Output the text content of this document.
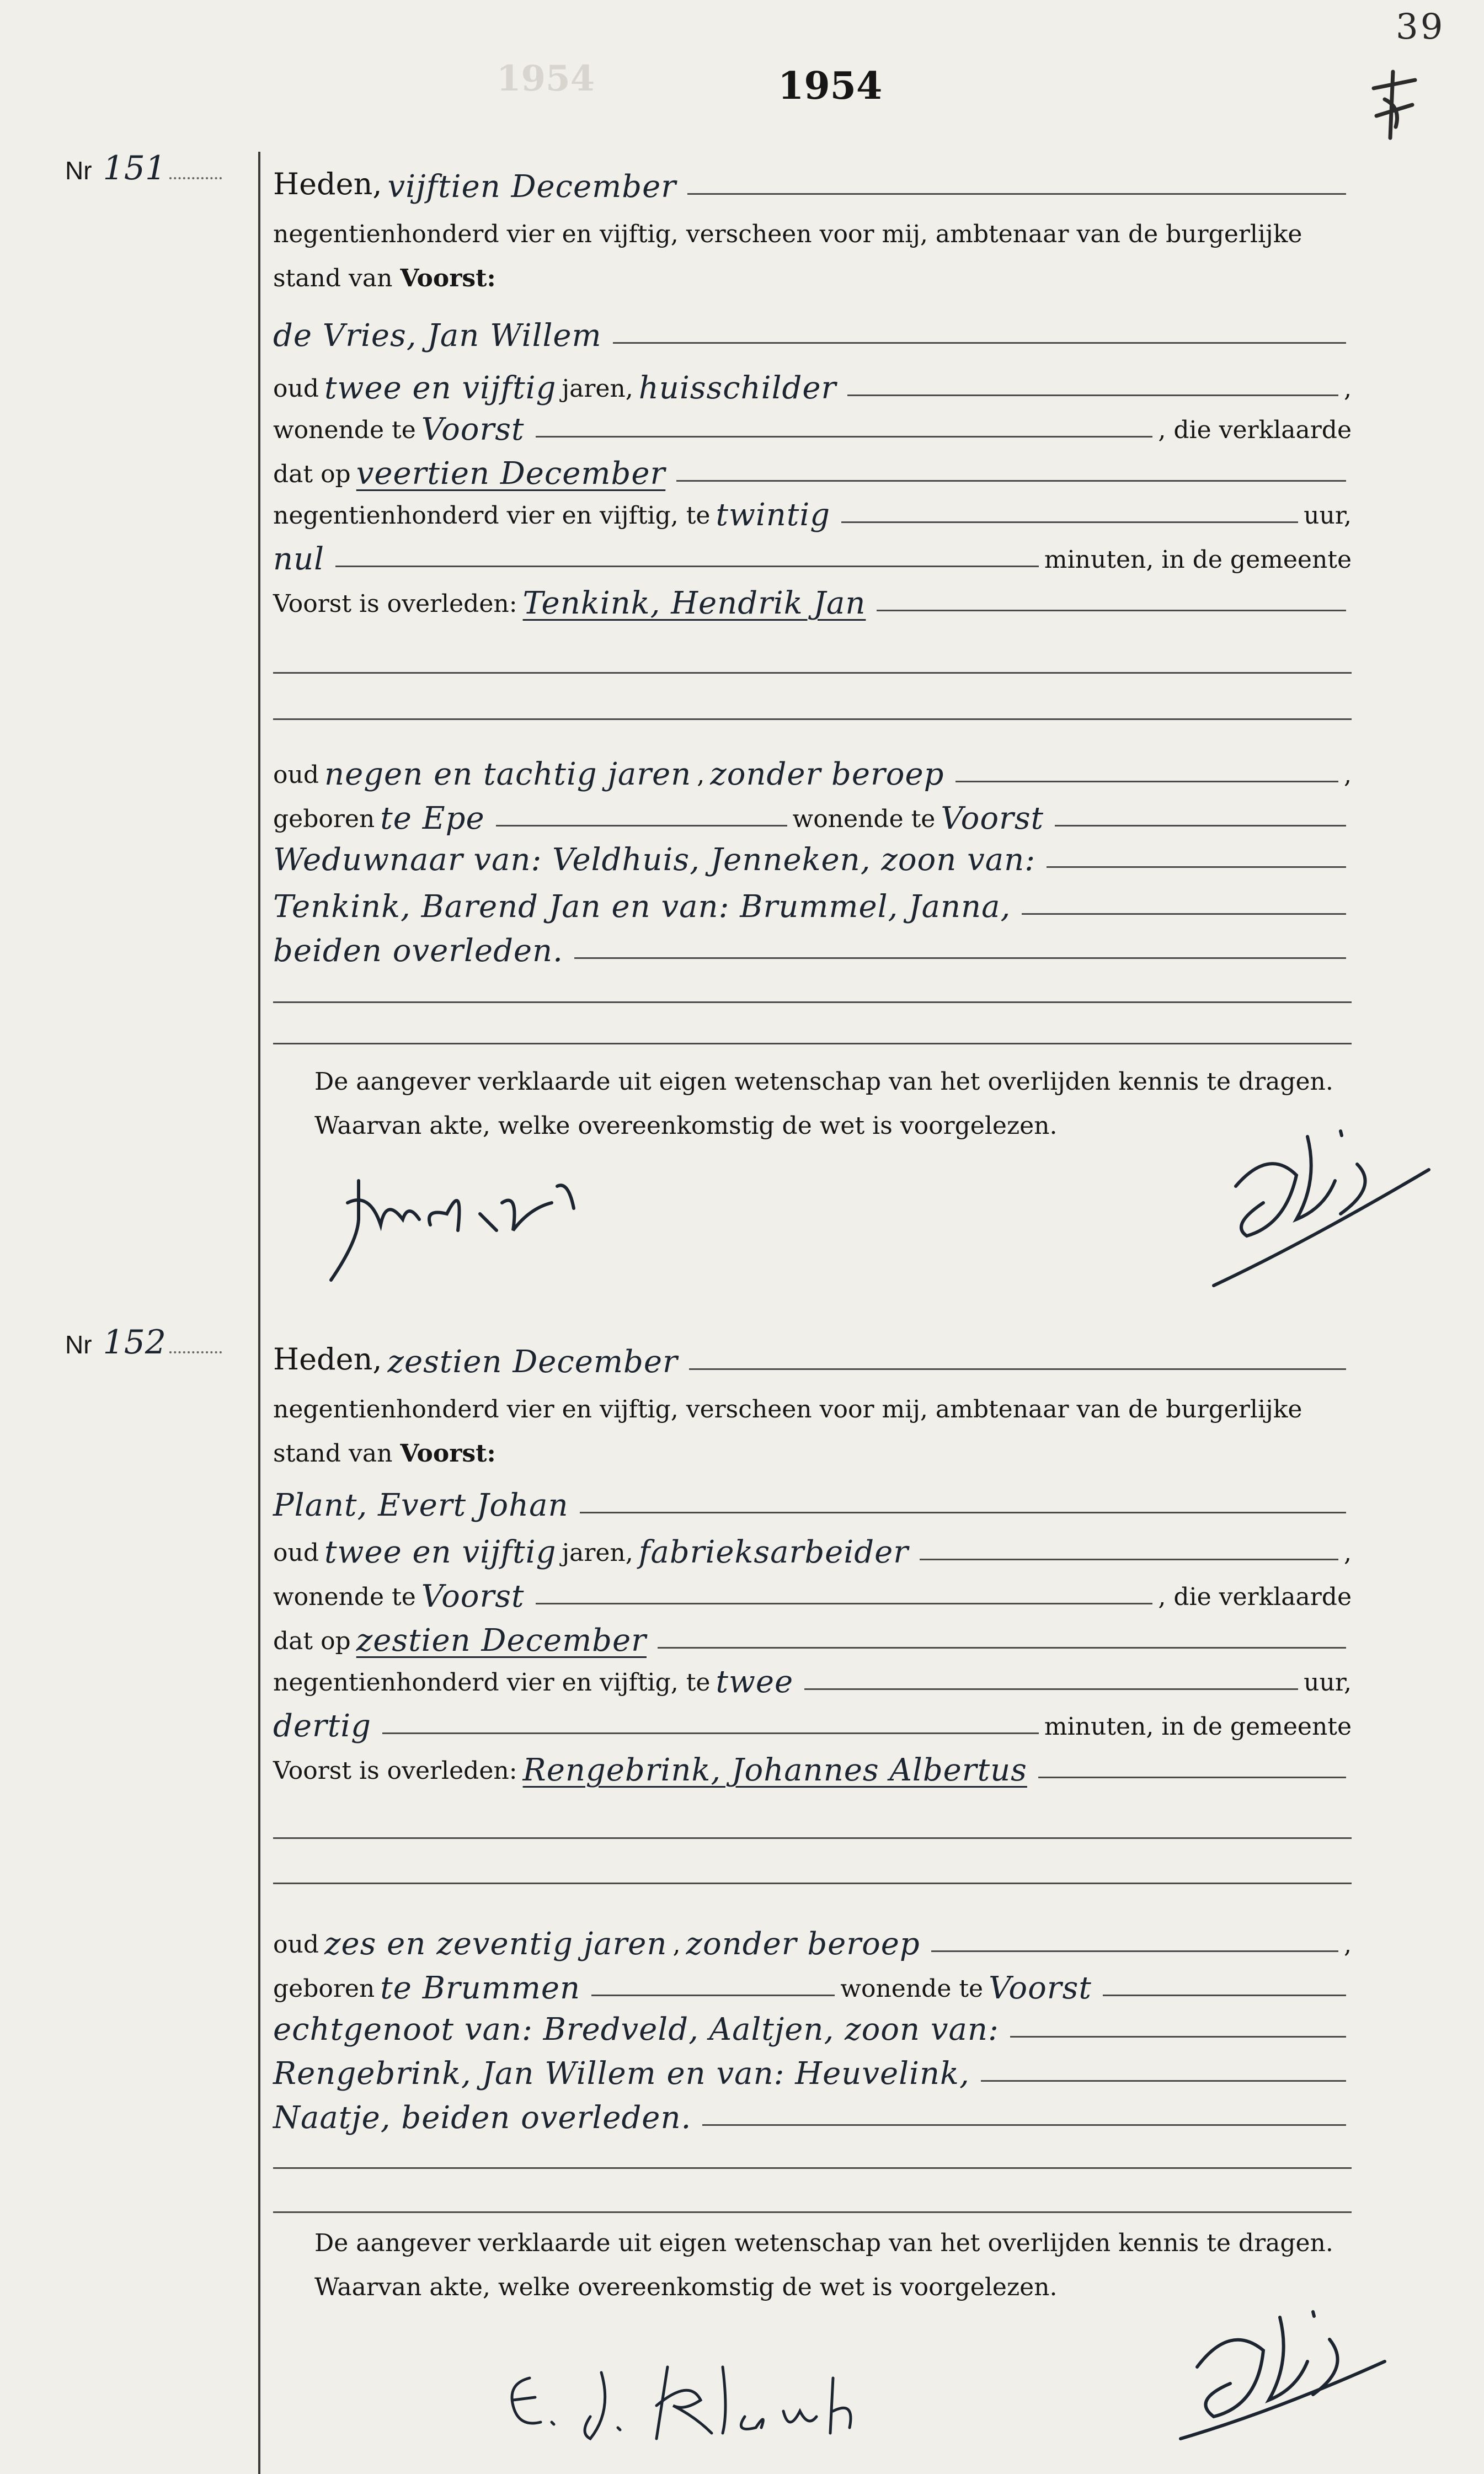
39
1954	1954
Nr 151	Heden, vijftien December
negentienhonderd vier en vijftig, verscheen voor mij, ambtenaar van de burgerlijke
stand van Voorst:
de Vries, Jan Willem
oud twee en vijftig jaren, huisschilder	,
wonende te Voorst	, die verklaarde
dat op veertien December
negentienhonderd vier en vijftig, te twintig	uur,
nul	minuten, in de gemeente
Voorst is overleden: Tenkink, Hendrik Jan
oud negen en tachtig jaren , zonder beroep	,
geboren te Epe	wonende te Voorst
Weduwnaar van: Veldhuis, Jenneken, zoon van:
Tenkink, Barend Jan en van: Brummel, Janna,
beiden overleden.
De aangever verklaarde uit eigen wetenschap van het overlijden kennis te dragen.
Waarvan akte, welke overeenkomstig de wet is voorgelezen.
Nr 152	Heden, zestien December
negentienhonderd vier en vijftig, verscheen voor mij, ambtenaar van de burgerlijke
stand van Voorst:
Plant, Evert Johan
oud twee en vijftig jaren, fabrieksarbeider	,
wonende te Voorst	, die verklaarde
dat op zestien December
negentienhonderd vier en vijftig, te twee	uur,
dertig	minuten, in de gemeente
Voorst is overleden: Rengebrink, Johannes Albertus
oud zes en zeventig jaren , zonder beroep	,
geboren te Brummen	wonende te Voorst
echtgenoot van: Bredveld, Aaltjen, zoon van:
Rengebrink, Jan Willem en van: Heuvelink,
Naatje, beiden overleden.
De aangever verklaarde uit eigen wetenschap van het overlijden kennis te dragen.
Waarvan akte, welke overeenkomstig de wet is voorgelezen.
